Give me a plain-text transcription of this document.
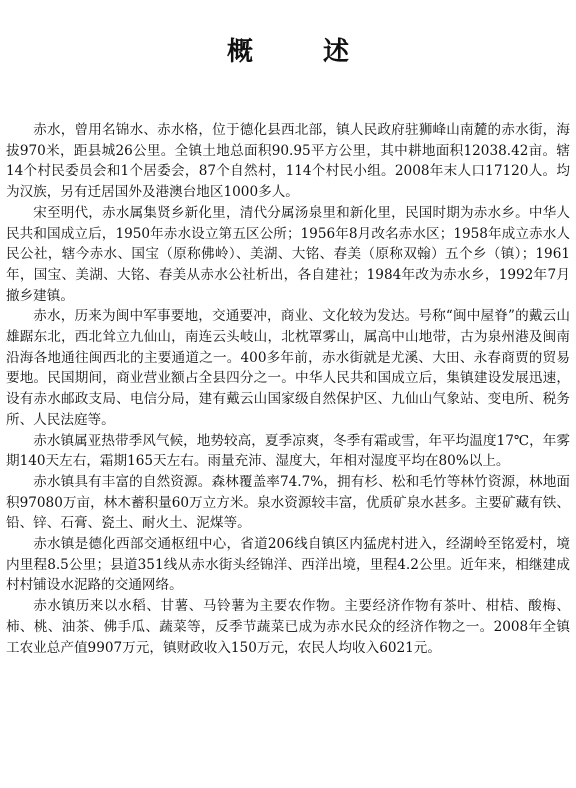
概　述

赤水，曾用名锦水、赤水格，位于德化县西北部，镇人民政府驻狮峰山南麓的赤水街，海拔970米，距县城26公里。全镇土地总面积90.95平方公里，其中耕地面积12038.42亩。辖14个村民委员会和1个居委会，87个自然村，114个村民小组。2008年末人口17120人。均为汉族，另有迁居国外及港澳台地区1000多人。

宋至明代，赤水属集贤乡新化里，清代分属汤泉里和新化里，民国时期为赤水乡。中华人民共和国成立后，1950年赤水设立第五区公所；1956年8月改名赤水区；1958年成立赤水人民公社，辖今赤水、国宝（原称佛岭）、美湖、大铭、春美（原称双翰）五个乡（镇）；1961年，国宝、美湖、大铭、春美从赤水公社析出，各自建社；1984年改为赤水乡，1992年7月撤乡建镇。

赤水，历来为闽中军事要地，交通要冲，商业、文化较为发达。号称“闽中屋脊”的戴云山雄踞东北，西北耸立九仙山，南连云头岐山，北枕罩雾山，属高中山地带，古为泉州港及闽南沿海各地通往闽西北的主要通道之一。400多年前，赤水街就是尤溪、大田、永春商贾的贸易要地。民国期间，商业营业额占全县四分之一。中华人民共和国成立后，集镇建设发展迅速，设有赤水邮政支局、电信分局，建有戴云山国家级自然保护区、九仙山气象站、变电所、税务所、人民法庭等。

赤水镇属亚热带季风气候，地势较高，夏季凉爽，冬季有霜或雪，年平均温度17℃，年雾期140天左右，霜期165天左右。雨量充沛、湿度大，年相对湿度平均在80%以上。

赤水镇具有丰富的自然资源。森林覆盖率74.7%，拥有杉、松和毛竹等林竹资源，林地面积97080万亩，林木蓄积量60万立方米。泉水资源较丰富，优质矿泉水甚多。主要矿藏有铁、铅、锌、石膏、瓷土、耐火土、泥煤等。

赤水镇是德化西部交通枢纽中心，省道206线自镇区内猛虎村进入，经湖岭至铭爱村，境内里程8.5公里；县道351线从赤水街头经锦洋、西洋出境，里程4.2公里。近年来，相继建成村村铺设水泥路的交通网络。

赤水镇历来以水稻、甘薯、马铃薯为主要农作物。主要经济作物有茶叶、柑桔、酸梅、柿、桃、油茶、佛手瓜、蔬菜等，反季节蔬菜已成为赤水民众的经济作物之一。2008年全镇工农业总产值9907万元，镇财政收入150万元，农民人均收入6021元。
